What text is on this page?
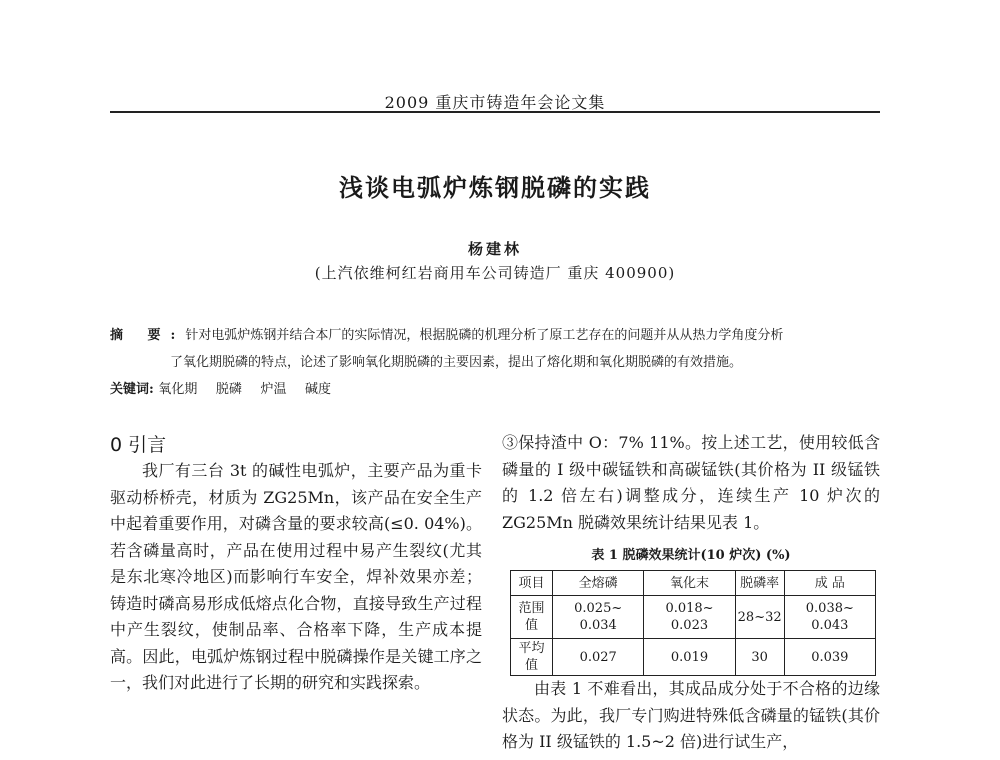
2009 重庆市铸造年会论文集
浅谈电弧炉炼钢脱磷的实践
杨建林
(上汽依维柯红岩商用车公司铸造厂 重庆 400900)
摘 要:针对电弧炉炼钢并结合本厂的实际情况，根据脱磷的机理分析了原工艺存在的问题并从从热力学角度分析
了氧化期脱磷的特点，论述了影响氧化期脱磷的主要因素，提出了熔化期和氧化期脱磷的有效措施。
关键词: 氧化期 脱磷 炉温 碱度
0 引言

我厂有三台 3t 的碱性电弧炉，主要产品为重卡驱动桥桥壳，材质为 ZG25Mn，该产品在安全生产中起着重要作用，对磷含量的要求较高(≤0. 04%)。若含磷量高时，产品在使用过程中易产生裂纹(尤其是东北寒冷地区)而影响行车安全，焊补效果亦差；铸造时磷高易形成低熔点化合物，直接导致生产过程中产生裂纹，使制品率、合格率下降，生产成本提高。因此，电弧炉炼钢过程中脱磷操作是关键工序之一，我们对此进行了长期的研究和实践探索。

③保持渣中 O：7% 11%。按上述工艺，使用较低含磷量的 I 级中碳锰铁和高碳锰铁(其价格为 II 级锰铁的 1.2 倍左右)调整成分，连续生产 10 炉次的 ZG25Mn 脱磷效果统计结果见表 1。

表 1 脱磷效果统计(10 炉次) (%)
项目	全熔磷	氧化末	脱磷率	成 品
范围值	0.025~ 0.034	0.018~ 0.023	28~32	0.038~ 0.043
平均值	0.027	0.019	30	0.039

由表 1 不难看出，其成品成分处于不合格的边缘状态。为此，我厂专门购进特殊低含磷量的锰铁(其价格为 II 级锰铁的 1.5~2 倍)进行试生产，
